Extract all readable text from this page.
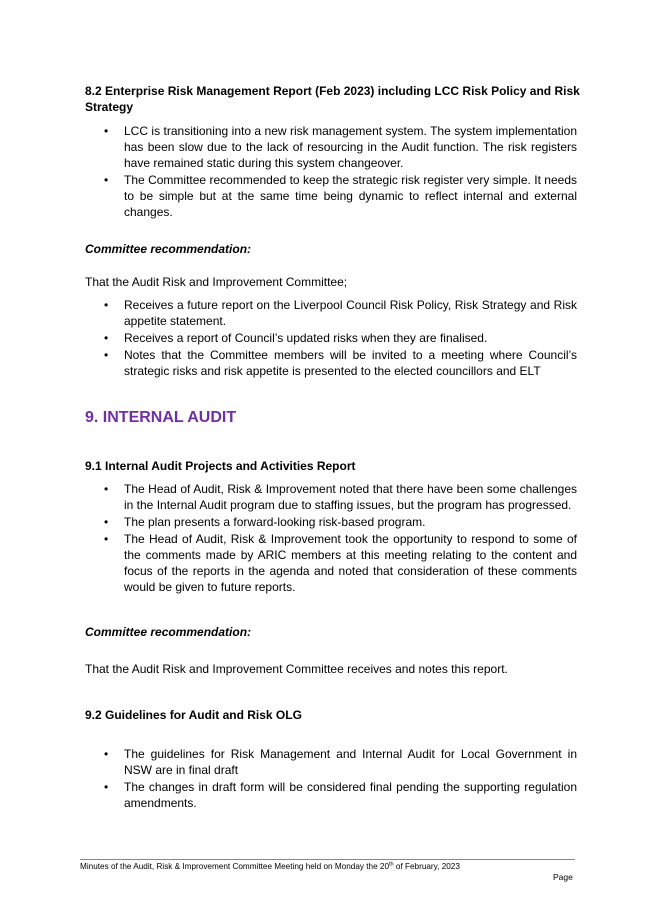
8.2 Enterprise Risk Management Report (Feb 2023) including LCC Risk Policy and Risk Strategy
• LCC is transitioning into a new risk management system. The system implementation has been slow due to the lack of resourcing in the Audit function. The risk registers have remained static during this system changeover.
• The Committee recommended to keep the strategic risk register very simple. It needs to be simple but at the same time being dynamic to reflect internal and external changes.

Committee recommendation:

That the Audit Risk and Improvement Committee;

• Receives a future report on the Liverpool Council Risk Policy, Risk Strategy and Risk appetite statement.
• Receives a report of Council’s updated risks when they are finalised.
• Notes that the Committee members will be invited to a meeting where Council’s strategic risks and risk appetite is presented to the elected councillors and ELT
9. INTERNAL AUDIT
9.1 Internal Audit Projects and Activities Report
• The Head of Audit, Risk & Improvement noted that there have been some challenges in the Internal Audit program due to staffing issues, but the program has progressed.
• The plan presents a forward-looking risk-based program.
• The Head of Audit, Risk & Improvement took the opportunity to respond to some of the comments made by ARIC members at this meeting relating to the content and focus of the reports in the agenda and noted that consideration of these comments would be given to future reports.

Committee recommendation:

That the Audit Risk and Improvement Committee receives and notes this report.

9.2 Guidelines for Audit and Risk OLG
• The guidelines for Risk Management and Internal Audit for Local Government in NSW are in final draft
• The changes in draft form will be considered final pending the supporting regulation amendments.
Minutes of the Audit, Risk & Improvement Committee Meeting held on Monday the 20th of February, 2023
Page
